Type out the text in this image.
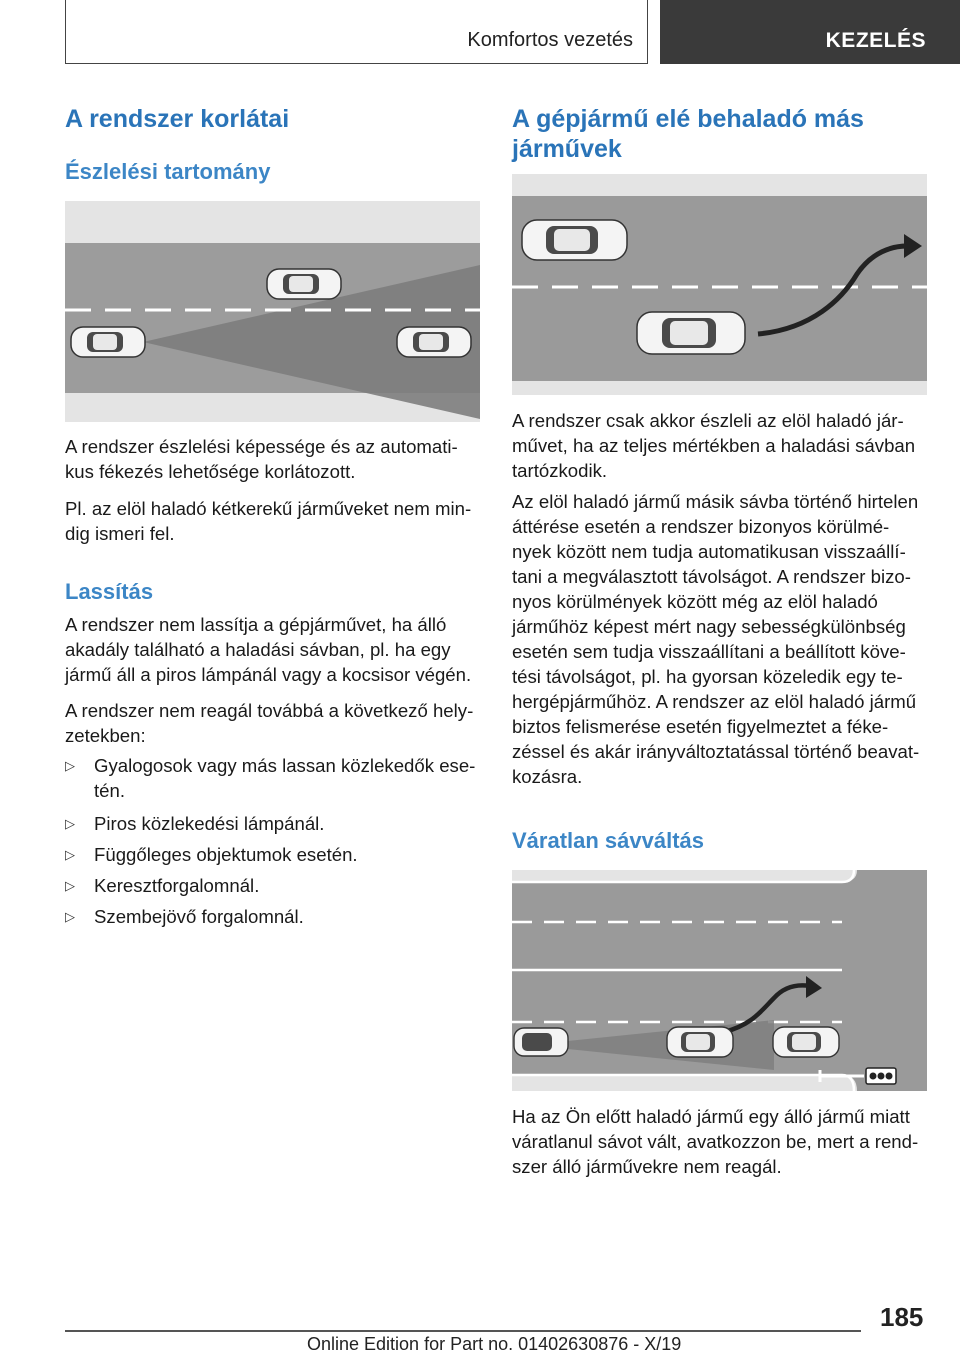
Komfortos vezetés	KEZELÉS
A rendszer korlátai
Észlelési tartomány
A rendszer észlelési képessége és az automati‐
kus fékezés lehetősége korlátozott.
Pl. az elöl haladó kétkerekű járműveket nem min‐
dig ismeri fel.
Lassítás
A rendszer nem lassítja a gépjárművet, ha álló
akadály található a haladási sávban, pl. ha egy
jármű áll a piros lámpánál vagy a kocsisor végén.
A rendszer nem reagál továbbá a következő hely‐
zetekben:
▷ Gyalogosok vagy más lassan közlekedők ese‐
tén.
▷ Piros közlekedési lámpánál.
▷ Függőleges objektumok esetén.
▷ Keresztforgalomnál.
▷ Szembejövő forgalomnál.
A gépjármű elé behaladó más
járművek
A rendszer csak akkor észleli az elöl haladó jár‐
művet, ha az teljes mértékben a haladási sávban
tartózkodik.
Az elöl haladó jármű másik sávba történő hirtelen
áttérése esetén a rendszer bizonyos körülmé‐
nyek között nem tudja automatikusan visszaállí‐
tani a megválasztott távolságot. A rendszer bizo‐
nyos körülmények között még az elöl haladó
járműhöz képest mért nagy sebességkülönbség
esetén sem tudja visszaállítani a beállított köve‐
tési távolságot, pl. ha gyorsan közeledik egy te‐
hergépjárműhöz. A rendszer az elöl haladó jármű
biztos felismerése esetén figyelmeztet a féke‐
zéssel és akár irányváltoztatással történő beavat‐
kozásra.
Váratlan sávváltás
Ha az Ön előtt haladó jármű egy álló jármű miatt
váratlanul sávot vált, avatkozzon be, mert a rend‐
szer álló járművekre nem reagál.
185
Online Edition for Part no. 01402630876 - X/19
